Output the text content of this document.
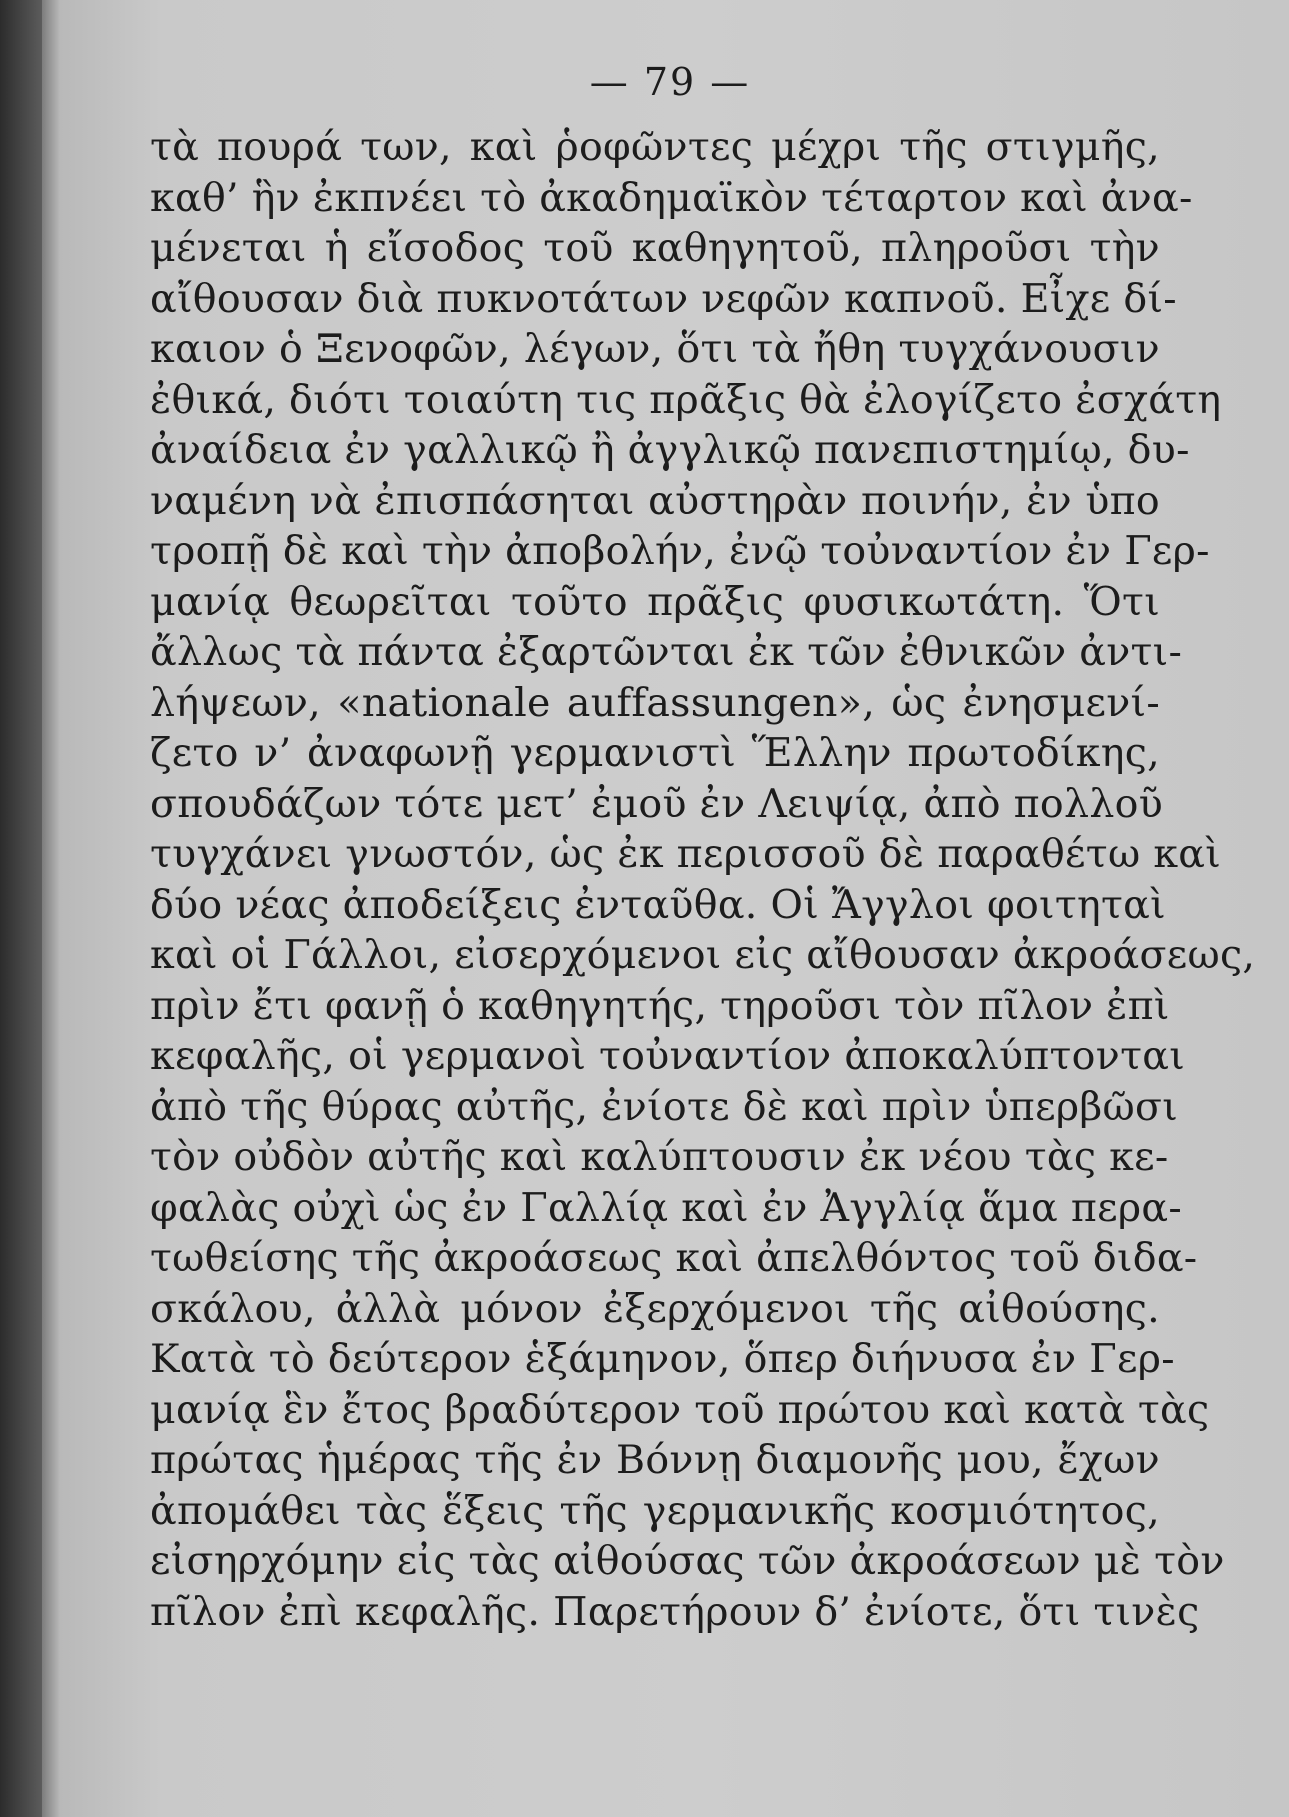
— 79 —
τὰ πουρά των, καὶ ῥοφῶντες μέχρι τῆς στιγμῆς,
καθ’ ἣν ἐκπνέει τὸ ἀκαδημαϊκὸν τέταρτον καὶ ἀνα-
μένεται ἡ εἴσοδος τοῦ καθηγητοῦ, πληροῦσι τὴν
αἴθουσαν διὰ πυκνοτάτων νεφῶν καπνοῦ. Εἶχε δί-
καιον ὁ Ξενοφῶν, λέγων, ὅτι τὰ ἤθη τυγχάνουσιν
ἐθικά, διότι τοιαύτη τις πρᾶξις θὰ ἐλογίζετο ἐσχάτη
ἀναίδεια ἐν γαλλικῷ ἢ ἀγγλικῷ πανεπιστημίῳ, δυ-
ναμένη νὰ ἐπισπάσηται αὐστηρὰν ποινήν, ἐν ὑπο
τροπῇ δὲ καὶ τὴν ἀποβολήν, ἐνῷ τοὐναντίον ἐν Γερ-
μανίᾳ θεωρεῖται τοῦτο πρᾶξις φυσικωτάτη. Ὅτι
ἄλλως τὰ πάντα ἐξαρτῶνται ἐκ τῶν ἐθνικῶν ἀντι-
λήψεων, «nationale auffassungen», ὡς ἐνησμενί-
ζετο ν’ ἀναφωνῇ γερμανιστὶ Ἕλλην πρωτοδίκης,
σπουδάζων τότε μετ’ ἐμοῦ ἐν Λειψίᾳ, ἀπὸ πολλοῦ
τυγχάνει γνωστόν, ὡς ἐκ περισσοῦ δὲ παραθέτω καὶ
δύο νέας ἀποδείξεις ἐνταῦθα. Οἱ Ἄγγλοι φοιτηταὶ
καὶ οἱ Γάλλοι, εἰσερχόμενοι εἰς αἴθουσαν ἀκροάσεως,
πρὶν ἔτι φανῇ ὁ καθηγητής, τηροῦσι τὸν πῖλον ἐπὶ
κεφαλῆς, οἱ γερμανοὶ τοὐναντίον ἀποκαλύπτονται
ἀπὸ τῆς θύρας αὐτῆς, ἐνίοτε δὲ καὶ πρὶν ὑπερβῶσι
τὸν οὐδὸν αὐτῆς καὶ καλύπτουσιν ἐκ νέου τὰς κε-
φαλὰς οὐχὶ ὡς ἐν Γαλλίᾳ καὶ ἐν Ἀγγλίᾳ ἅμα περα-
τωθείσης τῆς ἀκροάσεως καὶ ἀπελθόντος τοῦ διδα-
σκάλου, ἀλλὰ μόνον ἐξερχόμενοι τῆς αἰθούσης.
Κατὰ τὸ δεύτερον ἑξάμηνον, ὅπερ διήνυσα ἐν Γερ-
μανίᾳ ἓν ἔτος βραδύτερον τοῦ πρώτου καὶ κατὰ τὰς
πρώτας ἡμέρας τῆς ἐν Βόννῃ διαμονῆς μου, ἔχων
ἀπομάθει τὰς ἕξεις τῆς γερμανικῆς κοσμιότητος,
εἰσηρχόμην εἰς τὰς αἰθούσας τῶν ἀκροάσεων μὲ τὸν
πῖλον ἐπὶ κεφαλῆς. Παρετήρουν δ’ ἐνίοτε, ὅτι τινὲς
